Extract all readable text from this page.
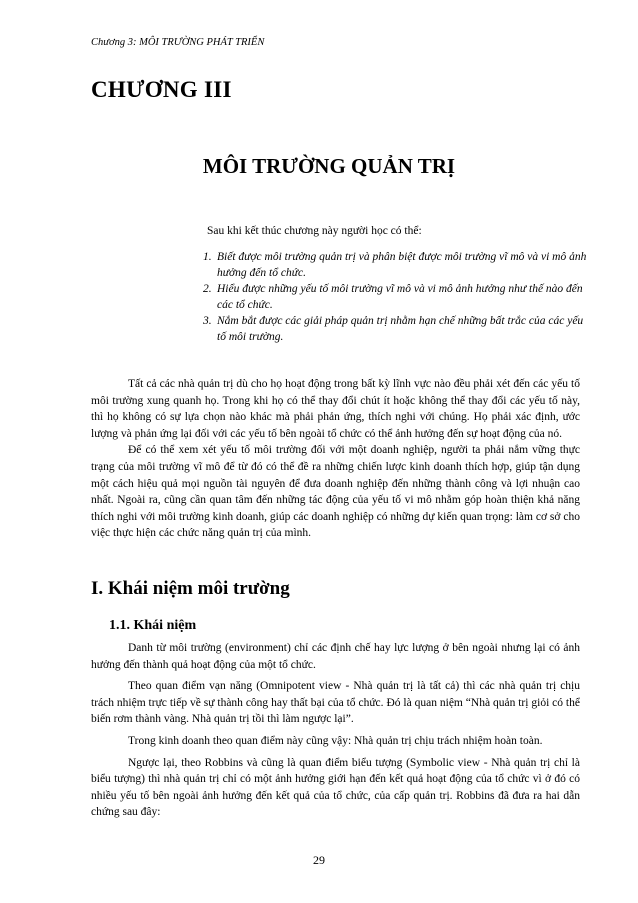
Chương 3: MÔI TRƯỜNG PHÁT TRIỂN
CHƯƠNG III
MÔI TRƯỜNG QUẢN TRỊ

Sau khi kết thúc chương này người học có thể:

1. Biết được môi trường quản trị và phân biệt được môi trường vĩ mô và vi mô ảnh hưởng đến tổ chức.
2. Hiểu được những yếu tố môi trường vĩ mô và vi mô ảnh hưởng như thế nào đến các tổ chức.
3. Nắm bắt được các giải pháp quản trị nhằm hạn chế những bất trắc của các yếu tố môi trường.

Tất cả các nhà quản trị dù cho họ hoạt động trong bất kỳ lĩnh vực nào đều phải xét đến các yếu tố môi trường xung quanh họ. Trong khi họ có thể thay đổi chút ít hoặc không thể thay đổi các yếu tố này, thì họ không có sự lựa chọn nào khác mà phải phản ứng, thích nghi với chúng. Họ phải xác định, ước lượng và phản ứng lại đối với các yếu tố bên ngoài tổ chức có thể ảnh hưởng đến sự hoạt động của nó.

Để có thể xem xét yếu tố môi trường đối với một doanh nghiệp, người ta phải nắm vững thực trạng của môi trường vĩ mô để từ đó có thể đề ra những chiến lược kinh doanh thích hợp, giúp tận dụng một cách hiệu quả mọi nguồn tài nguyên để đưa doanh nghiệp đến những thành công và lợi nhuận cao nhất. Ngoài ra, cũng cần quan tâm đến những tác động của yếu tố vi mô nhằm góp hoàn thiện khả năng thích nghi với môi trường kinh doanh, giúp các doanh nghiệp có những dự kiến quan trọng: làm cơ sở cho việc thực hiện các chức năng quản trị của mình.

I. Khái niệm môi trường
1.1. Khái niệm

Danh từ môi trường (environment) chỉ các định chế hay lực lượng ở bên ngoài nhưng lại có ảnh hưởng đến thành quả hoạt động của một tổ chức.

Theo quan điểm vạn năng (Omnipotent view - Nhà quản trị là tất cả) thì các nhà quản trị chịu trách nhiệm trực tiếp về sự thành công hay thất bại của tổ chức. Đó là quan niệm “Nhà quản trị giỏi có thể biến rơm thành vàng. Nhà quản trị tồi thì làm ngược lại”.

Trong kinh doanh theo quan điểm này cũng vậy: Nhà quản trị chịu trách nhiệm hoàn toàn.

Ngược lại, theo Robbins và cũng là quan điểm biểu tượng (Symbolic view - Nhà quản trị chỉ là biểu tượng) thì nhà quản trị chỉ có một ảnh hưởng giới hạn đến kết quả hoạt động của tổ chức vì ở đó có nhiều yếu tố bên ngoài ảnh hưởng đến kết quả của tổ chức, của cấp quản trị. Robbins đã đưa ra hai dẫn chứng sau đây:

29
